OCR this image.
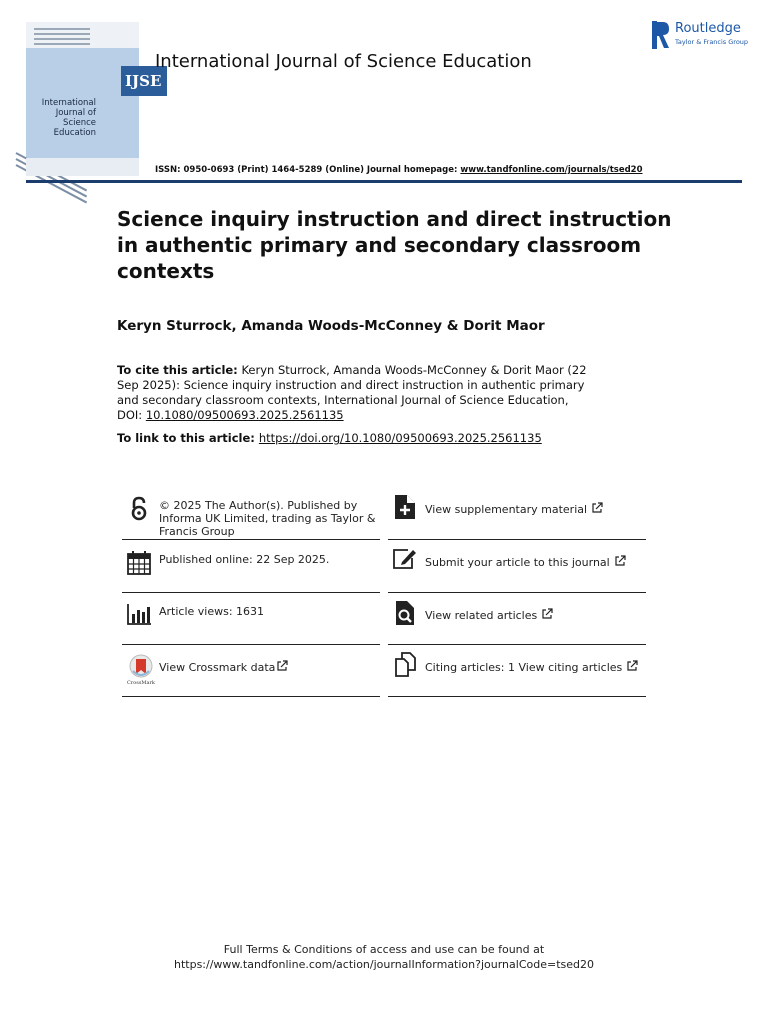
IJSE
International
Journal of
Science
Education
International Journal of Science Education
Routledge
Taylor & Francis Group
ISSN: 0950-0693 (Print) 1464-5289 (Online) Journal homepage: www.tandfonline.com/journals/tsed20
Science inquiry instruction and direct instruction in authentic primary and secondary classroom contexts
Keryn Sturrock, Amanda Woods-McConney & Dorit Maor
To cite this article: Keryn Sturrock, Amanda Woods-McConney & Dorit Maor (22 Sep 2025): Science inquiry instruction and direct instruction in authentic primary and secondary classroom contexts, International Journal of Science Education, DOI: 10.1080/09500693.2025.2561135
To link to this article: https://doi.org/10.1080/09500693.2025.2561135
© 2025 The Author(s). Published by Informa UK Limited, trading as Taylor & Francis Group
Published online: 22 Sep 2025.
Article views: 1631
CrossMark
View Crossmark data
View supplementary material
Submit your article to this journal
View related articles
Citing articles: 1 View citing articles
Full Terms & Conditions of access and use can be found at
https://www.tandfonline.com/action/journalInformation?journalCode=tsed20
